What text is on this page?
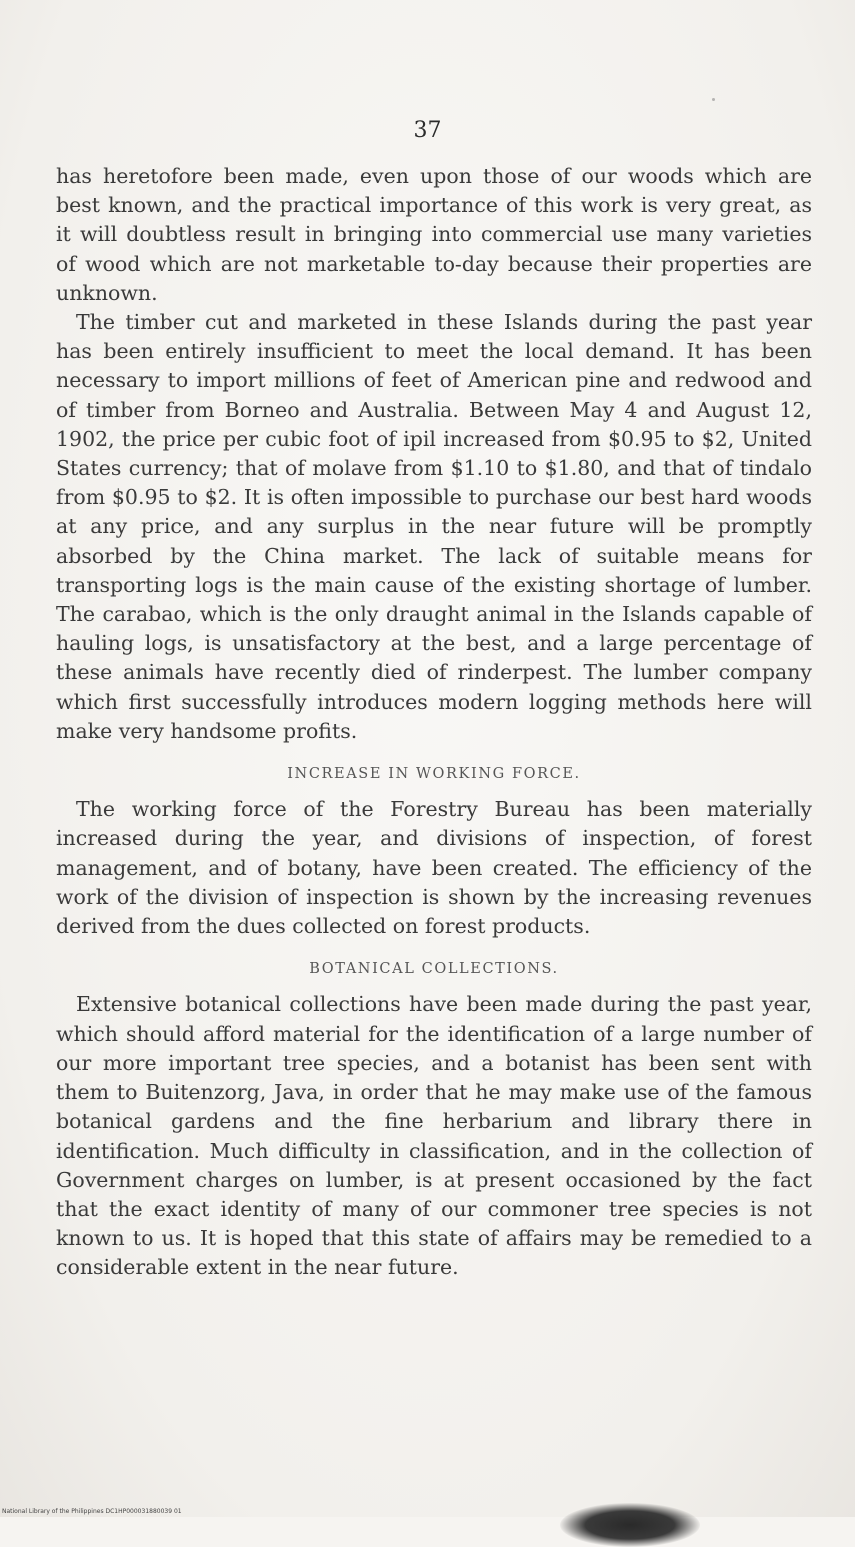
37

has heretofore been made, even upon those of our woods which are best known, and the practical importance of this work is very great, as it will doubtless result in bringing into commercial use many varieties of wood which are not marketable to-day because their properties are unknown.

The timber cut and marketed in these Islands during the past year has been entirely insufficient to meet the local demand. It has been necessary to import millions of feet of American pine and redwood and of timber from Borneo and Australia. Between May 4 and August 12, 1902, the price per cubic foot of ipil increased from $0.95 to $2, United States currency; that of molave from $1.10 to $1.80, and that of tindalo from $0.95 to $2. It is often impossible to purchase our best hard woods at any price, and any surplus in the near future will be promptly absorbed by the China market. The lack of suitable means for transporting logs is the main cause of the existing shortage of lumber. The carabao, which is the only draught animal in the Islands capable of hauling logs, is unsatisfactory at the best, and a large percentage of these animals have recently died of rinderpest. The lumber company which first successfully introduces modern logging methods here will make very handsome profits.

INCREASE IN WORKING FORCE.

The working force of the Forestry Bureau has been materially increased during the year, and divisions of inspection, of forest management, and of botany, have been created. The efficiency of the work of the division of inspection is shown by the increasing revenues derived from the dues collected on forest products.

BOTANICAL COLLECTIONS.

Extensive botanical collections have been made during the past year, which should afford material for the identification of a large number of our more important tree species, and a botanist has been sent with them to Buitenzorg, Java, in order that he may make use of the famous botanical gardens and the fine herbarium and library there in identification. Much difficulty in classification, and in the collection of Government charges on lumber, is at present occasioned by the fact that the exact identity of many of our commoner tree species is not known to us. It is hoped that this state of affairs may be remedied to a considerable extent in the near future.

National Library of the Philippines DC1HP000031880039 01
